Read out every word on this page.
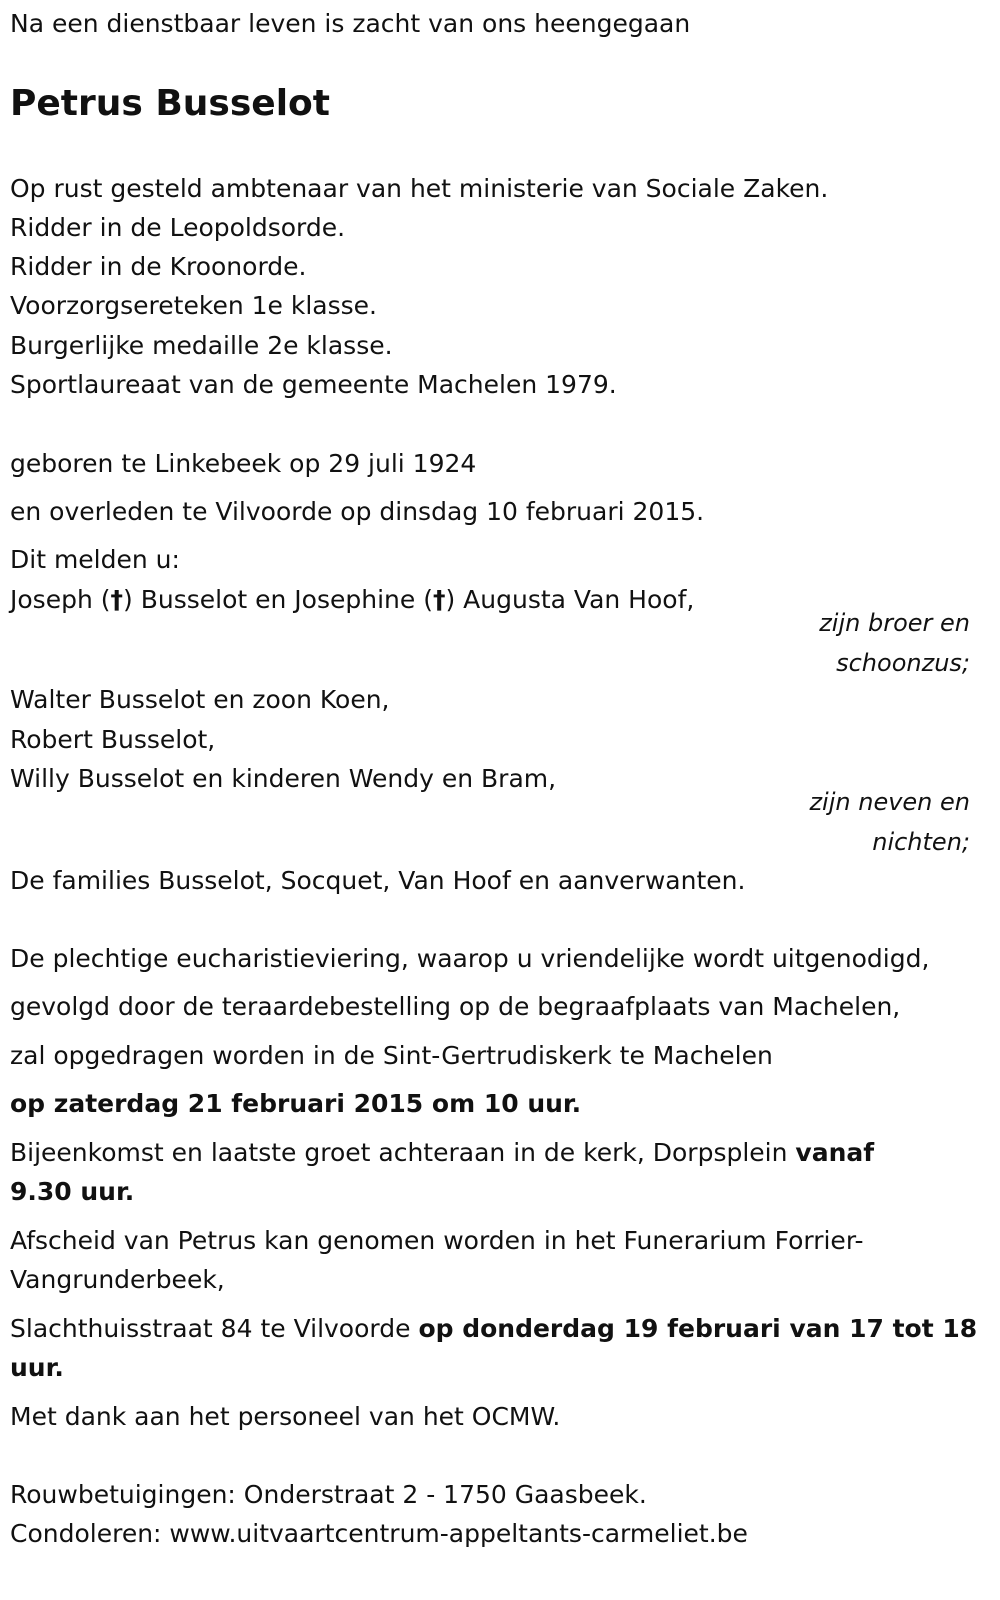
Na een dienstbaar leven is zacht van ons heengegaan

Petrus Busselot

Op rust gesteld ambtenaar van het ministerie van Sociale Zaken.

Ridder in de Leopoldsorde.

Ridder in de Kroonorde.

Voorzorgsereteken 1e klasse.

Burgerlijke medaille 2e klasse.

Sportlaureaat van de gemeente Machelen 1979.

geboren te Linkebeek op 29 juli 1924

en overleden te Vilvoorde op dinsdag 10 februari 2015.

Dit melden u:

Joseph (†) Busselot en Josephine (†) Augusta Van Hoof,

zijn broer en

schoonzus;

Walter Busselot en zoon Koen,

Robert Busselot,

Willy Busselot en kinderen Wendy en Bram,

zijn neven en

nichten;

De families Busselot, Socquet, Van Hoof en aanverwanten.

De plechtige eucharistieviering, waarop u vriendelijke wordt uitgenodigd,

gevolgd door de teraardebestelling op de begraafplaats van Machelen,

zal opgedragen worden in de Sint-Gertrudiskerk te Machelen

op zaterdag 21 februari 2015 om 10 uur.

Bijeenkomst en laatste groet achteraan in de kerk, Dorpsplein vanaf

9.30 uur.

Afscheid van Petrus kan genomen worden in het Funerarium Forrier-

Vangrunderbeek,

Slachthuisstraat 84 te Vilvoorde op donderdag 19 februari van 17 tot 18

uur.

Met dank aan het personeel van het OCMW.

Rouwbetuigingen: Onderstraat 2 - 1750 Gaasbeek.

Condoleren: www.uitvaartcentrum-appeltants-carmeliet.be
